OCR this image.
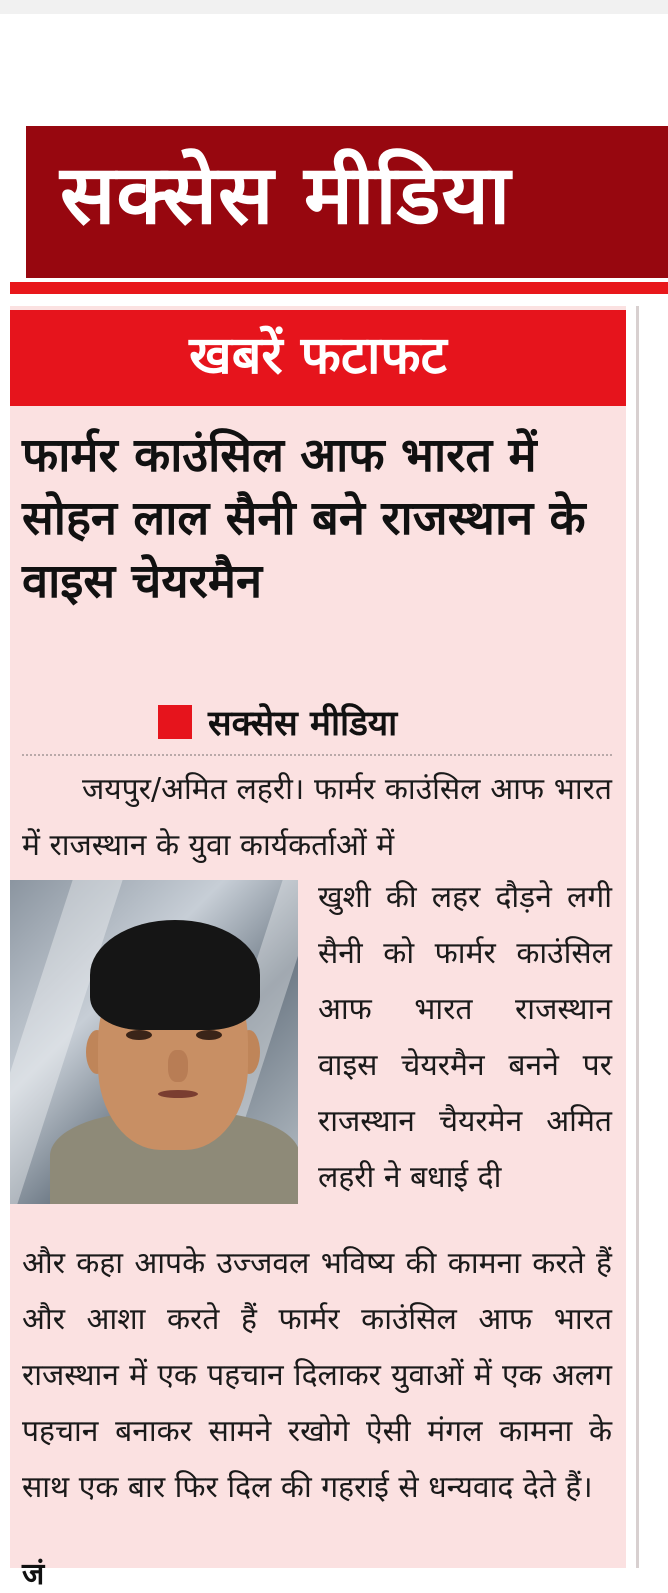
सक्सेस मीडिया
खबरें फटाफट
फार्मर काउंसिल आफ भारत में सोहन लाल सैनी बने राजस्थान के वाइस चेयरमैन
सक्सेस मीडिया
जयपुर/अमित लहरी। फार्मर काउंसिल आफ भारत में राजस्थान के युवा कार्यकर्ताओं में
खुशी की लहर दौड़ने लगी सैनी को फार्मर काउंसिल आफ भारत राजस्थान वाइस चेयरमैन बनने पर राजस्थान चैयरमेन अमित लहरी ने बधाई दी
और कहा आपके उज्जवल भविष्य की कामना करते हैं और आशा करते हैं फार्मर काउंसिल आफ भारत राजस्थान में एक पहचान दिलाकर युवाओं में एक अलग पहचान बनाकर सामने रखोगे ऐसी मंगल कामना के साथ एक बार फिर दिल की गहराई से धन्यवाद देते हैं।
जं
